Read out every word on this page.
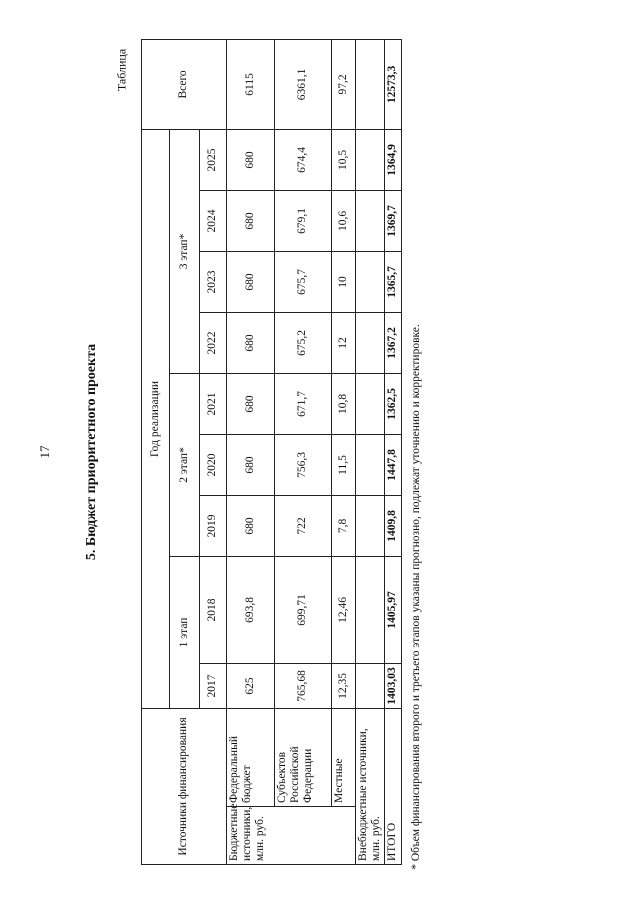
17 5. Бюджет приоритетного проекта
Таблица
* Объем финансирования второго и третьего этапов указаны прогнозно, подлежат уточнению и корректировке.
Источники финансирования		Год реализации									Всего
		1 этап		2 этап*			3 этап*				
		2017	2018	2019	2020	2021	2022	2023	2024	2025	
Бюджетные источники, млн. руб.	Федеральный бюджет	625	693,8	680	680	680	680	680	680	680	6115
	Субъектов Российской Федерации	765,68	699,71	722	756,3	671,7	675,2	675,7	679,1	674,4	6361,1
	Местные	12,35	12,46	7,8	11,5	10,8	12	10	10,6	10,5	97,2
Внебюджетные источники, млн. руб.											
ИТОГО		1403,03	1405,97	1409,8	1447,8	1362,5	1367,2	1365,7	1369,7	1364,9	12573,3
